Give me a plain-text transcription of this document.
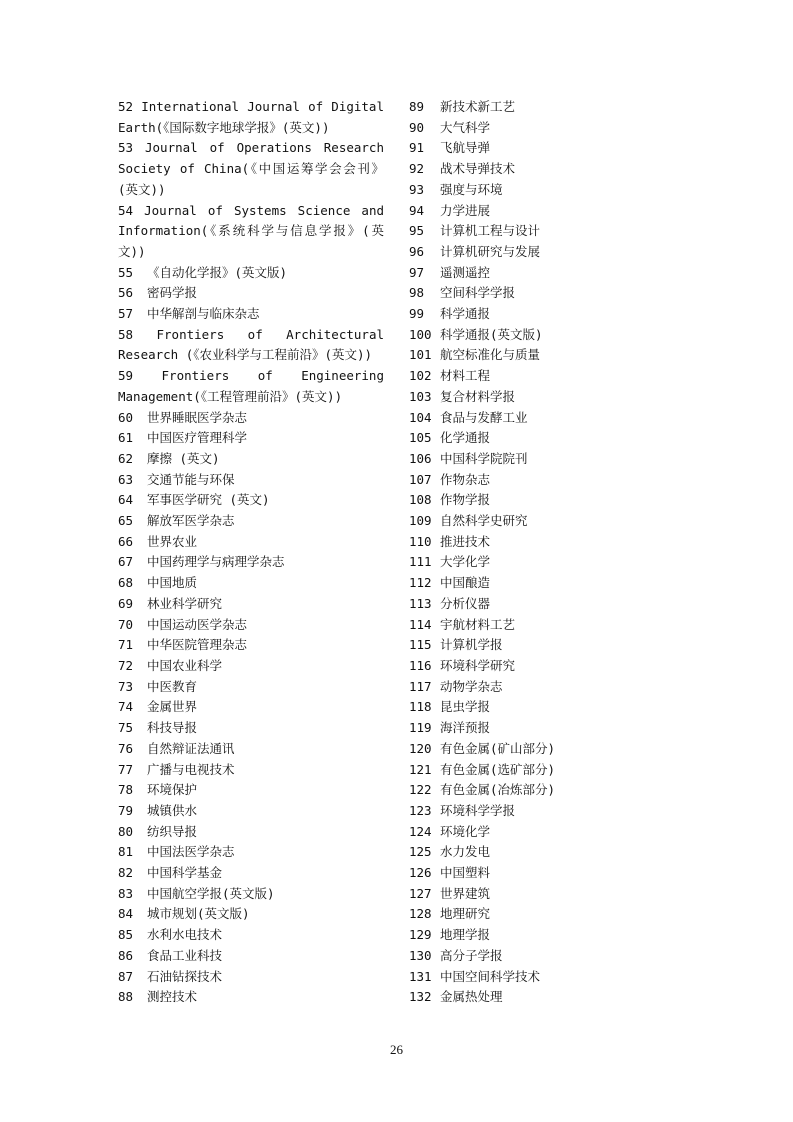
52 International Journal of Digital Earth(《国际数字地球学报》(英文))
53 Journal of Operations Research Society of China(《中国运筹学会会刊》(英文))
54 Journal of Systems Science and Information(《系统科学与信息学报》(英文))
55 《自动化学报》(英文版)
56 密码学报
57 中华解剖与临床杂志
58 Frontiers of Architectural Research (《农业科学与工程前沿》(英文))
59 Frontiers of Engineering Management(《工程管理前沿》(英文))
60 世界睡眠医学杂志
61 中国医疗管理科学
62 摩擦 (英文)
63 交通节能与环保
64 军事医学研究 (英文)
65 解放军医学杂志
66 世界农业
67 中国药理学与病理学杂志
68 中国地质
69 林业科学研究
70 中国运动医学杂志
71 中华医院管理杂志
72 中国农业科学
73 中医教育
74 金属世界
75 科技导报
76 自然辩证法通讯
77 广播与电视技术
78 环境保护
79 城镇供水
80 纺织导报
81 中国法医学杂志
82 中国科学基金
83 中国航空学报(英文版)
84 城市规划(英文版)
85 水利水电技术
86 食品工业科技
87 石油钻探技术
88 测控技术
89 新技术新工艺
90 大气科学
91 飞航导弹
92 战术导弹技术
93 强度与环境
94 力学进展
95 计算机工程与设计
96 计算机研究与发展
97 遥测遥控
98 空间科学学报
99 科学通报
100 科学通报(英文版)
101 航空标准化与质量
102 材料工程
103 复合材料学报
104 食品与发酵工业
105 化学通报
106 中国科学院院刊
107 作物杂志
108 作物学报
109 自然科学史研究
110 推进技术
111 大学化学
112 中国酿造
113 分析仪器
114 宇航材料工艺
115 计算机学报
116 环境科学研究
117 动物学杂志
118 昆虫学报
119 海洋预报
120 有色金属(矿山部分)
121 有色金属(选矿部分)
122 有色金属(冶炼部分)
123 环境科学学报
124 环境化学
125 水力发电
126 中国塑料
127 世界建筑
128 地理研究
129 地理学报
130 高分子学报
131 中国空间科学技术
132 金属热处理
26
